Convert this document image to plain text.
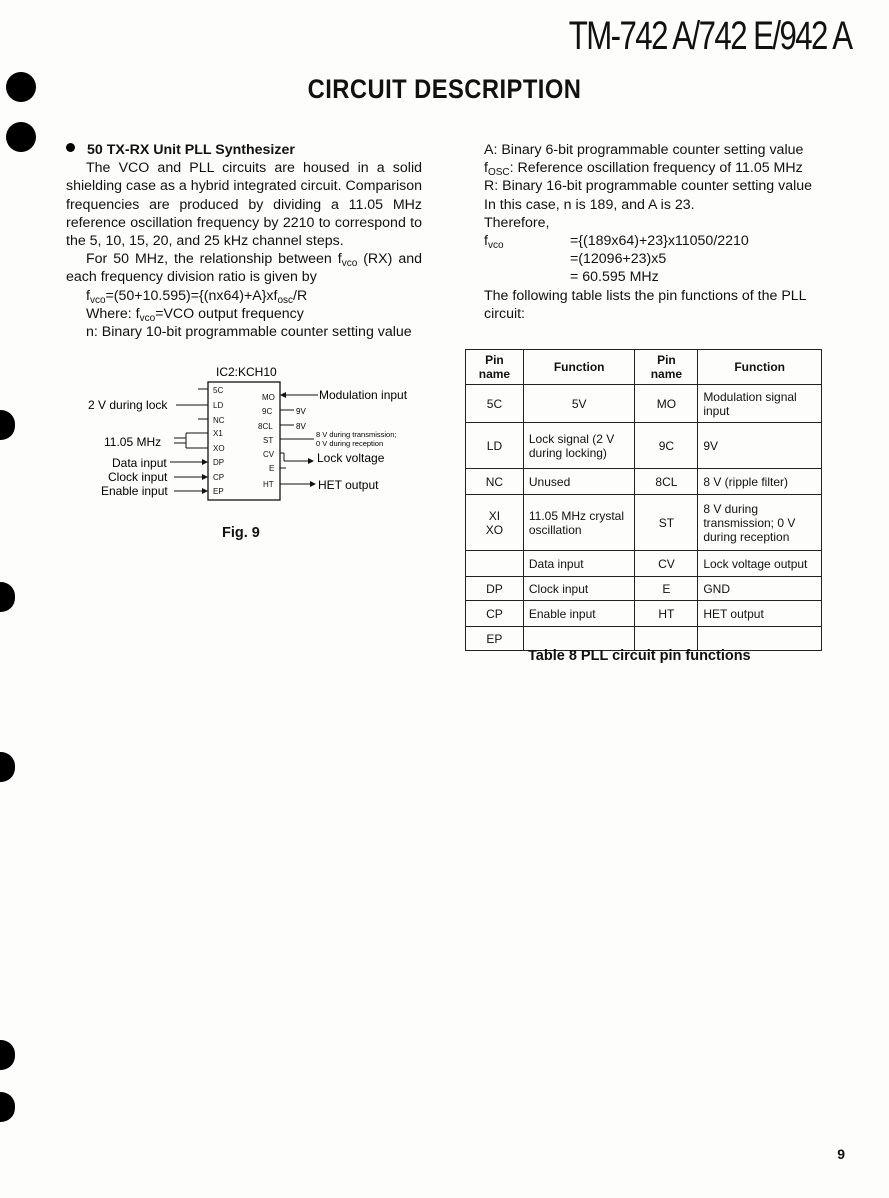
TM-742 A/742 E/942 A
CIRCUIT DESCRIPTION

50 TX-RX Unit PLL Synthesizer

The VCO and PLL circuits are housed in a solid shielding case as a hybrid integrated circuit. Comparison frequencies are produced by dividing a 11.05 MHz reference oscillation frequency by 2210 to correspond to the 5, 10, 15, 20, and 25 kHz channel steps.

For 50 MHz, the relationship between $f_{vco}$ (RX) and each frequency division ratio is given by

$f_{vco}=(50+10.595)=\{(nx64)+A\}xf_{osc}/R$

Where: $f_{vco}=VCO$ output frequency

n: Binary 10-bit programmable counter setting value

A: Binary 6-bit programmable counter setting value

$f_{OSC}$: Reference oscillation frequency of 11.05 MHz

R: Binary 16-bit programmable counter setting value

In this case, n is 189, and A is 23.

Therefore, $f_{vco}$	={(189x64)+23}x11050/2210

=(12096+23)x5

= 60.595 MHz

The following table lists the pin functions of the PLL circuit:

IC2:KCH10
5C
LD
NC
X1
XO
DP
CP
EP
MO
9C
8CL
ST
CV
E
HT
2 V during lock
11.05 MHz
Data input
Clock input
Enable input
Modulation input
9V
8V
8 V during transmission;
0 V during reception
Lock voltage
HET output
Fig. 9
Pin name	Function	Pin name	Function
5C	5V	MO	Modulation signal input
LD	Lock signal (2 V during locking)	9C	9V
NC	Unused	8CL	8 V (ripple filter)

XI
XO	11.05 MHz crystal oscillation	ST	8 V during transmission; 0 V during reception
	Data input	CV	Lock voltage output
DP	Clock input	E	GND
CP	Enable input	HT	HET output
EP			
Table 8 PLL circuit pin functions
9
